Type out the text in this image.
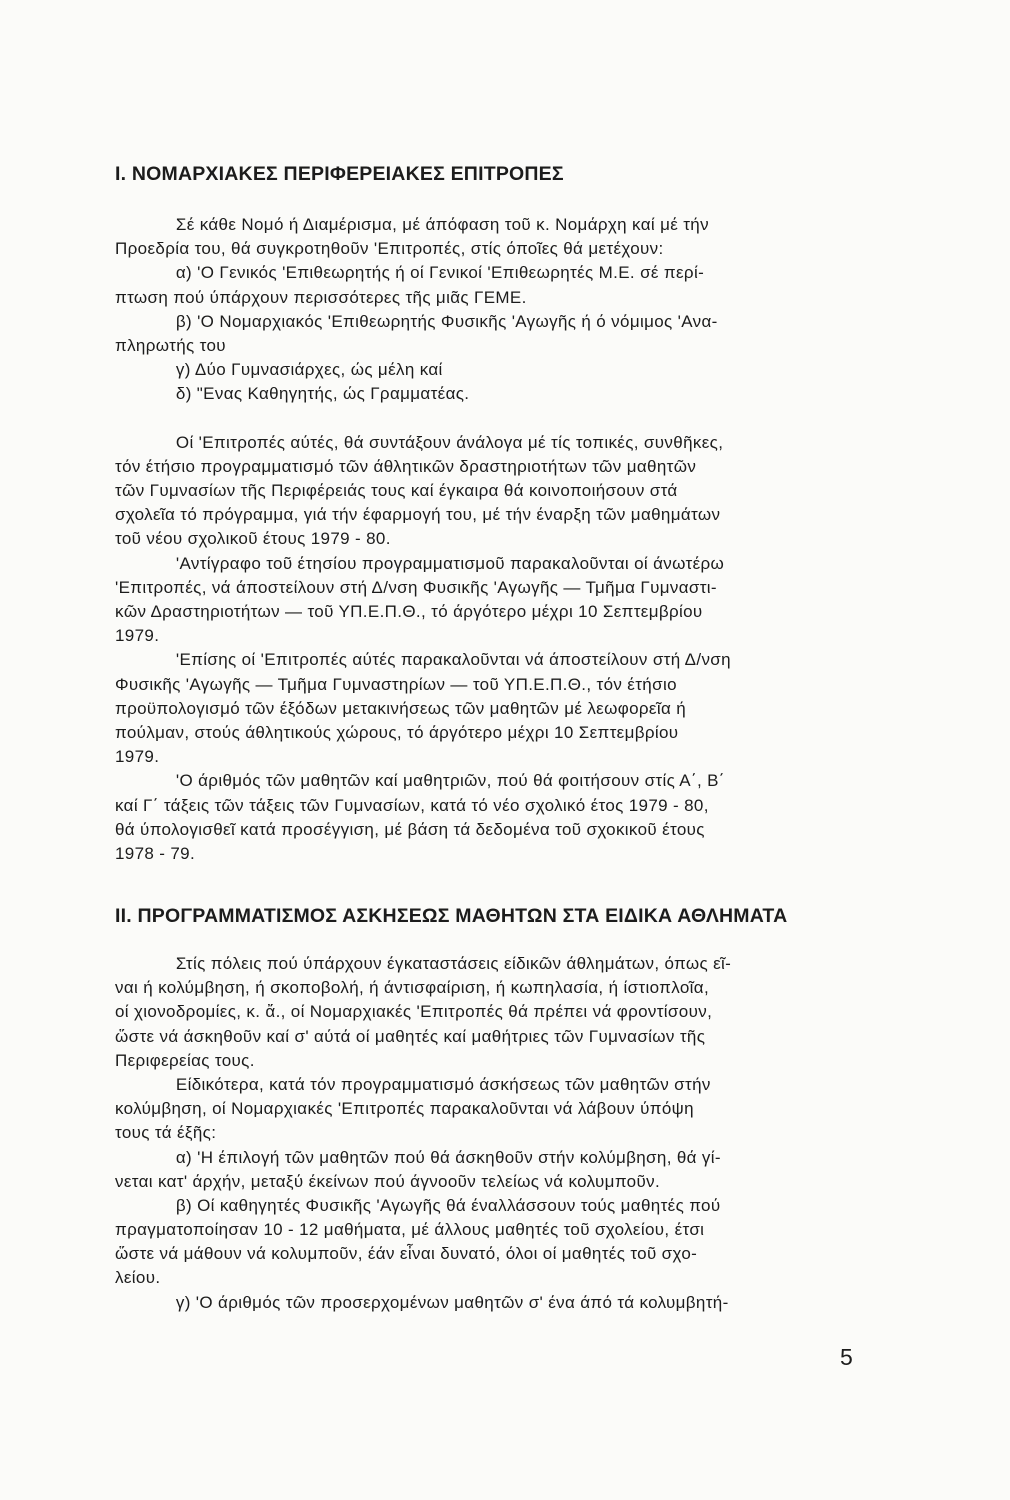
I. ΝΟΜΑΡΧΙΑΚΕΣ ΠΕΡΙΦΕΡΕΙΑΚΕΣ ΕΠΙΤΡΟΠΕΣ
Σέ κάθε Νομό ή Διαμέρισμα, μέ άπόφαση τοῦ κ. Νομάρχη καί μέ τήν
Προεδρία του, θά συγκροτηθοῦν 'Επιτροπές, στίς όποῖες θά μετέχουν:
α) 'Ο Γενικός 'Επιθεωρητής ή οί Γενικοί 'Επιθεωρητές Μ.Ε. σέ περί-
πτωση πού ύπάρχουν περισσότερες τῆς μιᾶς ΓΕΜΕ.
β) 'Ο Νομαρχιακός 'Επιθεωρητής Φυσικῆς 'Αγωγῆς ή ό νόμιμος 'Ανα-
πληρωτής του
γ) Δύο Γυμνασιάρχες, ώς μέλη καί
δ) "Ενας Καθηγητής, ώς Γραμματέας.
Οί 'Επιτροπές αύτές, θά συντάξουν άνάλογα μέ τίς τοπικές, συνθῆκες,
τόν έτήσιο προγραμματισμό τῶν άθλητικῶν δραστηριοτήτων τῶν μαθητῶν
τῶν Γυμνασίων τῆς Περιφέρειάς τους καί έγκαιρα θά κοινοποιήσουν στά
σχολεῖα τό πρόγραμμα, γιά τήν έφαρμογή του, μέ τήν έναρξη τῶν μαθημάτων
τοῦ νέου σχολικοῦ έτους 1979 - 80.
'Αντίγραφο τοῦ έτησίου προγραμματισμοῦ παρακαλοῦνται οί άνωτέρω
'Επιτροπές, νά άποστείλουν στή Δ/νση Φυσικῆς 'Αγωγῆς — Τμῆμα Γυμναστι-
κῶν Δραστηριοτήτων — τοῦ ΥΠ.Ε.Π.Θ., τό άργότερο μέχρι 10 Σεπτεμβρίου
1979.
'Επίσης οί 'Επιτροπές αύτές παρακαλοῦνται νά άποστείλουν στή Δ/νση
Φυσικῆς 'Αγωγῆς — Τμῆμα Γυμναστηρίων — τοῦ ΥΠ.Ε.Π.Θ., τόν έτήσιο
προϋπολογισμό τῶν έξόδων μετακινήσεως τῶν μαθητῶν μέ λεωφορεῖα ή
πούλμαν, στούς άθλητικούς χώρους, τό άργότερο μέχρι 10 Σεπτεμβρίου
1979.
'Ο άριθμός τῶν μαθητῶν καί μαθητριῶν, πού θά φοιτήσουν στίς Α΄, Β΄
καί Γ΄ τάξεις τῶν τάξεις τῶν Γυμνασίων, κατά τό νέο σχολικό έτος 1979 - 80,
θά ύπολογισθεῖ κατά προσέγγιση, μέ βάση τά δεδομένα τοῦ σχοκικοῦ έτους
1978 - 79.
II. ΠΡΟΓΡΑΜΜΑΤΙΣΜΟΣ ΑΣΚΗΣΕΩΣ ΜΑΘΗΤΩΝ ΣΤΑ ΕΙΔΙΚΑ ΑΘΛΗΜΑΤΑ
Στίς πόλεις πού ύπάρχουν έγκαταστάσεις είδικῶν άθλημάτων, όπως εῖ-
ναι ή κολύμβηση, ή σκοποβολή, ή άντισφαίριση, ή κωπηλασία, ή ίστιοπλοῖα,
οί χιονοδρομίες, κ. ἄ., οί Νομαρχιακές 'Επιτροπές θά πρέπει νά φροντίσουν,
ὥστε νά άσκηθοῦν καί σ' αύτά οί μαθητές καί μαθήτριες τῶν Γυμνασίων τῆς
Περιφερείας τους.
Είδικότερα, κατά τόν προγραμματισμό άσκήσεως τῶν μαθητῶν στήν
κολύμβηση, οί Νομαρχιακές 'Επιτροπές παρακαλοῦνται νά λάβουν ύπόψη
τους τά έξῆς:
α) 'Η έπιλογή τῶν μαθητῶν πού θά άσκηθοῦν στήν κολύμβηση, θά γί-
νεται κατ' άρχήν, μεταξύ έκείνων πού άγνοοῦν τελείως νά κολυμποῦν.
β) Οί καθηγητές Φυσικῆς 'Αγωγῆς θά έναλλάσσουν τούς μαθητές πού
πραγματοποίησαν 10 - 12 μαθήματα, μέ άλλους μαθητές τοῦ σχολείου, έτσι
ὥστε νά μάθουν νά κολυμποῦν, έάν εἶναι δυνατό, όλοι οί μαθητές τοῦ σχο-
λείου.
γ) 'Ο άριθμός τῶν προσερχομένων μαθητῶν σ' ένα άπό τά κολυμβητή-
5
